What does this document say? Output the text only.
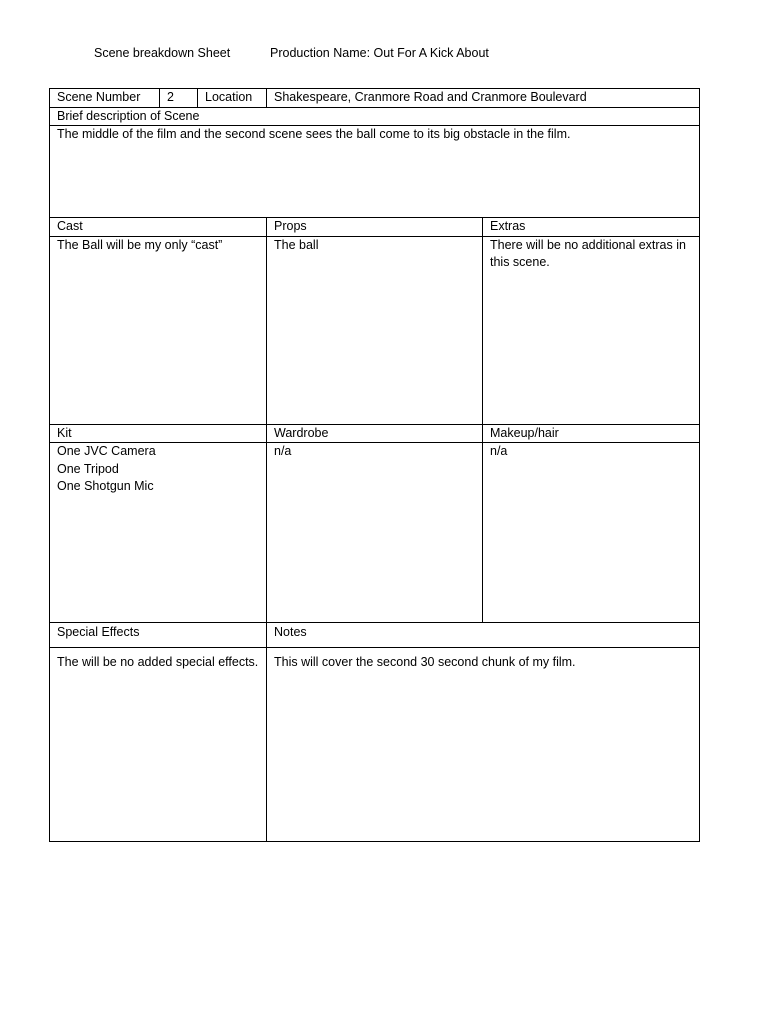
Scene breakdown Sheet	Production Name: Out For A Kick About
Scene Number	2	Location	Shakespeare, Cranmore Road and Cranmore Boulevard	
Brief description of Scene				
The middle of the film and the second scene sees the ball come to its big obstacle in the film.				
Cast			Props	Extras
The Ball will be my only “cast”			The ball	There will be no additional extras in this scene.
Kit			Wardrobe	Makeup/hair

One JVC Camera
One Tripod
One Shotgun Mic			n/a	n/a
Special Effects			Notes	
The will be no added special effects.			This will cover the second 30 second chunk of my film.	
